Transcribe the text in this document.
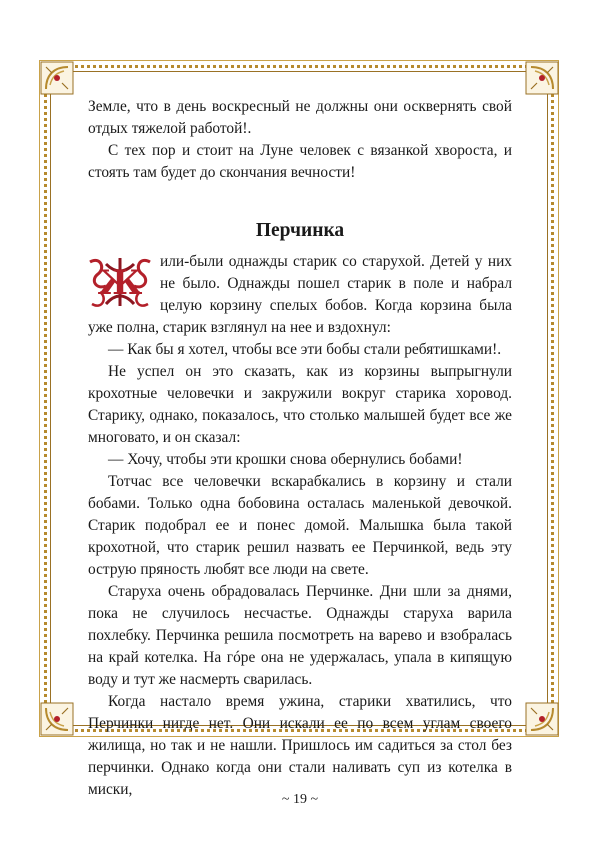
Земле, что в день воскресный не должны они осквернять свой отдых тяжелой работой!.

С тех пор и стоит на Луне человек с вязанкой хвороста, и стоять там будет до скончания вечности!

Перчинка
Ж

или-были однажды старик со старухой. Детей у них не было. Однажды пошел старик в поле и набрал целую корзину спелых бобов. Когда корзина была уже полна, старик взглянул на нее и вздохнул:

— Как бы я хотел, чтобы все эти бобы стали ребятишками!.

Не успел он это сказать, как из корзины выпрыгнули крохотные человечки и закружили вокруг старика хоровод. Старику, однако, показалось, что столько малышей будет все же многовато, и он сказал:

— Хочу, чтобы эти крошки снова обернулись бобами!

Тотчас все человечки вскарабкались в корзину и стали бобами. Только одна бобовина осталась маленькой девочкой. Старик подобрал ее и понес домой. Малышка была такой крохотной, что старик решил назвать ее Перчинкой, ведь эту острую пряность любят все люди на свете.

Старуха очень обрадовалась Перчинке. Дни шли за днями, пока не случилось несчастье. Однажды старуха варила похлебку. Перчинка решила посмотреть на варево и взобралась на край котелка. На гóре она не удержалась, упала в кипящую воду и тут же насмерть сварилась.

Когда настало время ужина, старики хватились, что Перчинки нигде нет. Они искали ее по всем углам своего жилища, но так и не нашли. Пришлось им садиться за стол без перчинки. Однако когда они стали наливать суп из котелка в миски,

~ 19 ~
